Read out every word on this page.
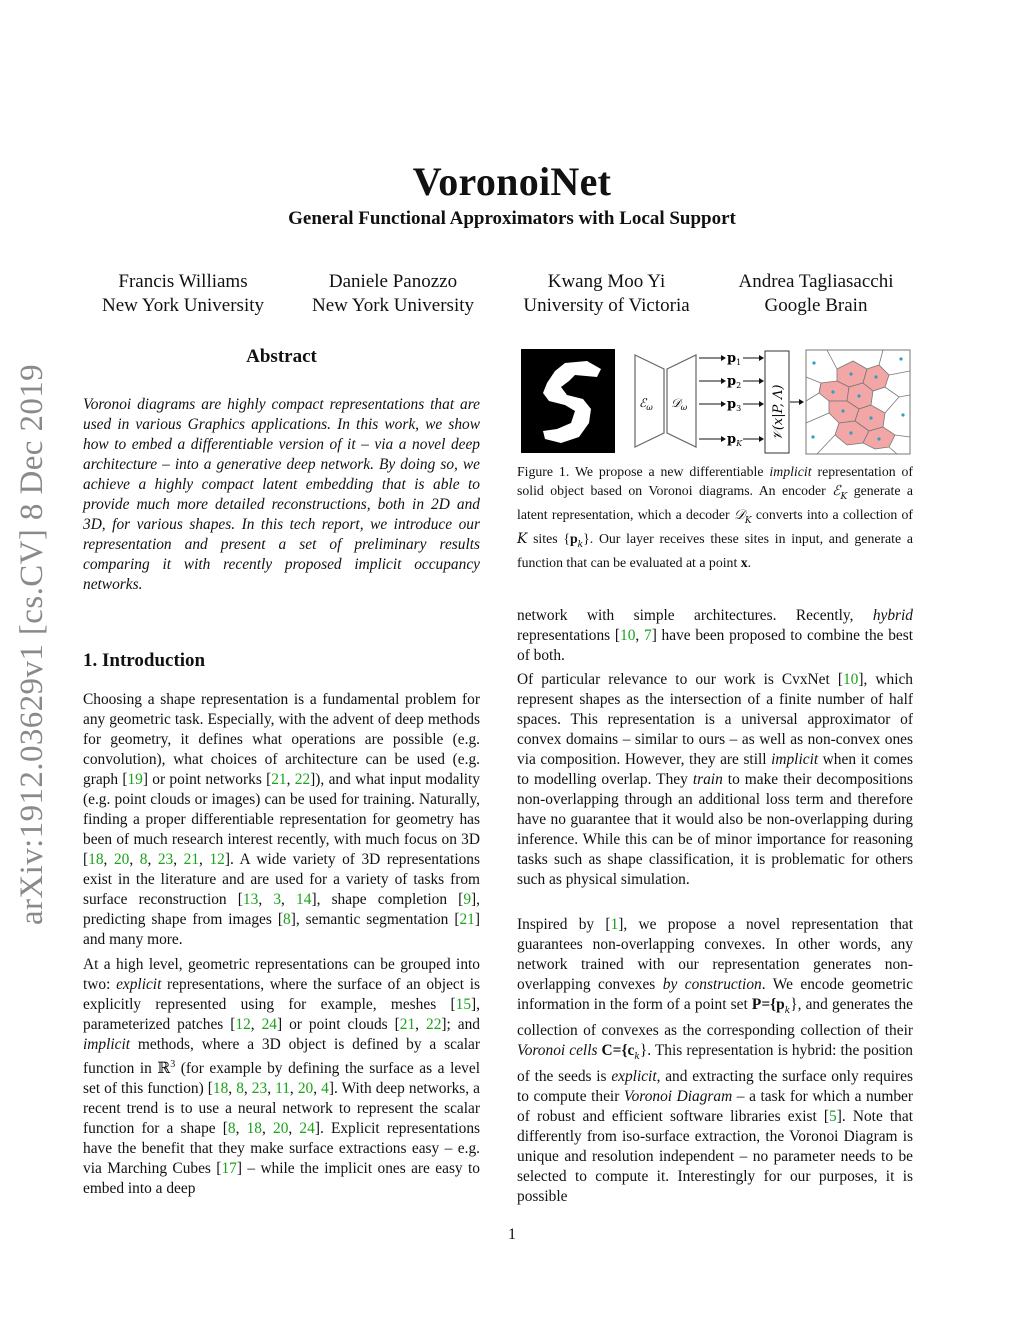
VoronoiNet
General Functional Approximators with Local Support
Francis Williams
New York University
Daniele Panozzo
New York University
Kwang Moo Yi
University of Victoria
Andrea Tagliasacchi
Google Brain
arXiv:1912.03629v1 [cs.CV] 8 Dec 2019
Abstract

Voronoi diagrams are highly compact representations that are used in various Graphics applications. In this work, we show how to embed a differentiable version of it – via a novel deep architecture – into a generative deep network. By doing so, we achieve a highly compact latent embedding that is able to provide much more detailed reconstructions, both in 2D and 3D, for various shapes. In this tech report, we introduce our representation and present a set of preliminary results comparing it with recently proposed implicit occupancy networks.

1. Introduction

Choosing a shape representation is a fundamental problem for any geometric task. Especially, with the advent of deep methods for geometry, it defines what operations are possible (e.g. convolution), what choices of architecture can be used (e.g. graph [19] or point networks [21, 22]), and what input modality (e.g. point clouds or images) can be used for training. Naturally, finding a proper differentiable representation for geometry has been of much research interest recently, with much focus on 3D [18, 20, 8, 23, 21, 12]. A wide variety of 3D representations exist in the literature and are used for a variety of tasks from surface reconstruction [13, 3, 14], shape completion [9], predicting shape from images [8], semantic segmentation [21] and many more.

At a high level, geometric representations can be grouped into two: explicit representations, where the surface of an object is explicitly represented using for example, meshes [15], parameterized patches [12, 24] or point clouds [21, 22]; and implicit methods, where a 3D object is defined by a scalar function in ℝ$^3$ (for example by defining the surface as a level set of this function) [18, 8, 23, 11, 20, 4]. With deep networks, a recent trend is to use a neural network to represent the scalar function for a shape [8, 18, 20, 24]. Explicit representations have the benefit that they make surface extractions easy – e.g. via Marching Cubes [17] – while the implicit ones are easy to embed into a deep

ℰ$_\omega$ 𝒟$_\omega$
$p_1$
$p_2$
$p_3$
$p_K$
𝒱(x|P, Λ)
Figure 1. We propose a new differentiable implicit representation of solid object based on Voronoi diagrams. An encoder ℰ$_K$ generate a latent representation, which a decoder 𝒟$_K$ converts into a collection of K sites $\{p_k\}$. Our layer receives these sites in input, and generate a function that can be evaluated at a point x.

network with simple architectures. Recently, hybrid representations [10, 7] have been proposed to combine the best of both.

Of particular relevance to our work is CvxNet [10], which represent shapes as the intersection of a finite number of half spaces. This representation is a universal approximator of convex domains – similar to ours – as well as non-convex ones via composition. However, they are still implicit when it comes to modelling overlap. They train to make their decompositions non-overlapping through an additional loss term and therefore have no guarantee that it would also be non-overlapping during inference. While this can be of minor importance for reasoning tasks such as shape classification, it is problematic for others such as physical simulation.

Inspired by [1], we propose a novel representation that guarantees non-overlapping convexes. In other words, any network trained with our representation generates non-overlapping convexes by construction. We encode geometric information in the form of a point set $P=\{p_k\}$, and generates the collection of convexes as the corresponding collection of their Voronoi cells $C=\{c_k\}$. This representation is hybrid: the position of the seeds is explicit, and extracting the surface only requires to compute their Voronoi Diagram – a task for which a number of robust and efficient software libraries exist [5]. Note that differently from iso-surface extraction, the Voronoi Diagram is unique and resolution independent – no parameter needs to be selected to compute it. Interestingly for our purposes, it is possible

1
